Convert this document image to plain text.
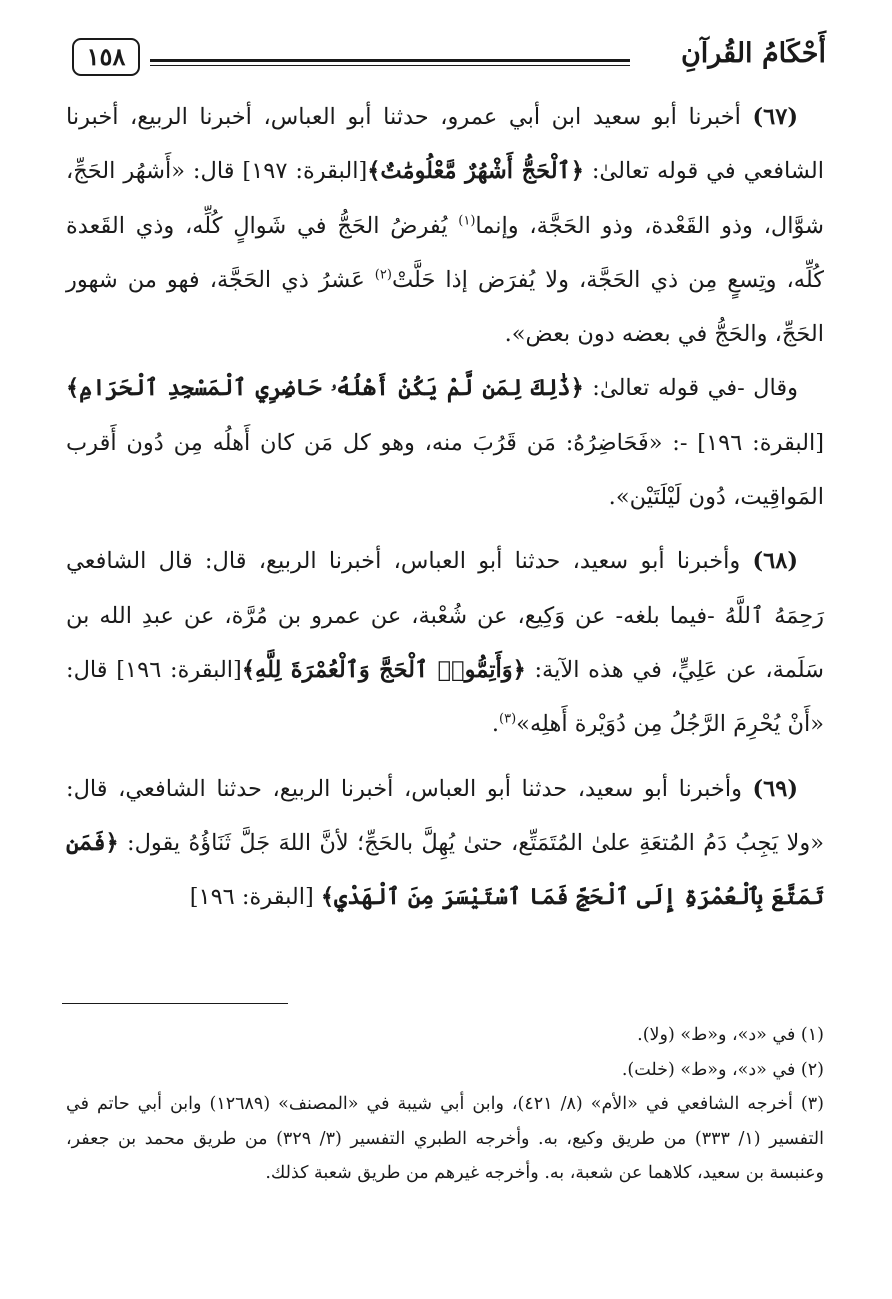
أَحْكَامُ القُرآنِ
١٥٨

(٦٧) أخبرنا أبو سعيد ابن أبي عمرو، حدثنا أبو العباس، أخبرنا الربيع، أخبرنا الشافعي في قوله تعالىٰ: ﴿ٱلْحَجُّ أَشْهُرٌ مَّعْلُومَٰتٌ﴾[البقرة: ١٩٧] قال: «أَشهُر الحَجِّ، شوَّال، وذو القَعْدة، وذو الحَجَّة، وإنما$^{(١)}$ يُفرضُ الحَجُّ في شَوالٍ كُلِّه، وذي القَعدة كُلِّه، وتِسعٍ مِن ذي الحَجَّة، ولا يُفرَض إذا حَلَّتْ$^{(٢)}$ عَشرُ ذي الحَجَّة، فهو من شهور الحَجِّ، والحَجُّ في بعضه دون بعض».

وقال -في قوله تعالىٰ: ﴿ذَٰلِكَ لِمَن لَّمْ يَكُنْ أَهْلُهُۥ حَاضِرِي ٱلْمَسْجِدِ ٱلْحَرَامِ﴾ [البقرة: ١٩٦] -: «فَحَاضِرُهُ: مَن قَرُبَ منه، وهو كل مَن كان أَهلُه مِن دُون أَقرب المَواقِيت، دُون لَيْلَتَيْن».

(٦٨) وأخبرنا أبو سعيد، حدثنا أبو العباس، أخبرنا الربيع، قال: قال الشافعي رَحِمَهُ ٱللَّهُ -فيما بلغه- عن وَكِيع، عن شُعْبة، عن عمرو بن مُرَّة، عن عبدِ الله بن سَلَمة، عن عَلِيٍّ، في هذه الآية: ﴿وَأَتِمُّوا۟ ٱلْحَجَّ وَٱلْعُمْرَةَ لِلَّهِ﴾[البقرة: ١٩٦] قال: «أَنْ يُحْرِمَ الرَّجُلُ مِن دُوَيْرة أَهلِه»$^{(٣)}$.

(٦٩) وأخبرنا أبو سعيد، حدثنا أبو العباس، أخبرنا الربيع، حدثنا الشافعي، قال: «ولا يَجِبُ دَمُ المُتعَةِ علىٰ المُتَمَتِّع، حتىٰ يُهِلَّ بالحَجِّ؛ لأنَّ اللهَ جَلَّ ثَنَاؤُهُ يقول: ﴿فَمَن تَمَتَّعَ بِٱلْعُمْرَةِ إِلَى ٱلْحَجِّ فَمَا ٱسْتَيْسَرَ مِنَ ٱلْهَدْيِ﴾ [البقرة: ١٩٦]

(١) في «د»، و«ط» (ولا).

(٢) في «د»، و«ط» (خلت).

(٣) أخرجه الشافعي في «الأم» (٨/ ٤٢١)، وابن أبي شيبة في «المصنف» (١٢٦٨٩) وابن أبي حاتم في التفسير (١/ ٣٣٣) من طريق وكيع، به. وأخرجه الطبري التفسير (٣/ ٣٢٩) من طريق محمد بن جعفر، وعنبسة بن سعيد، كلاهما عن شعبة، به. وأخرجه غيرهم من طريق شعبة كذلك.
